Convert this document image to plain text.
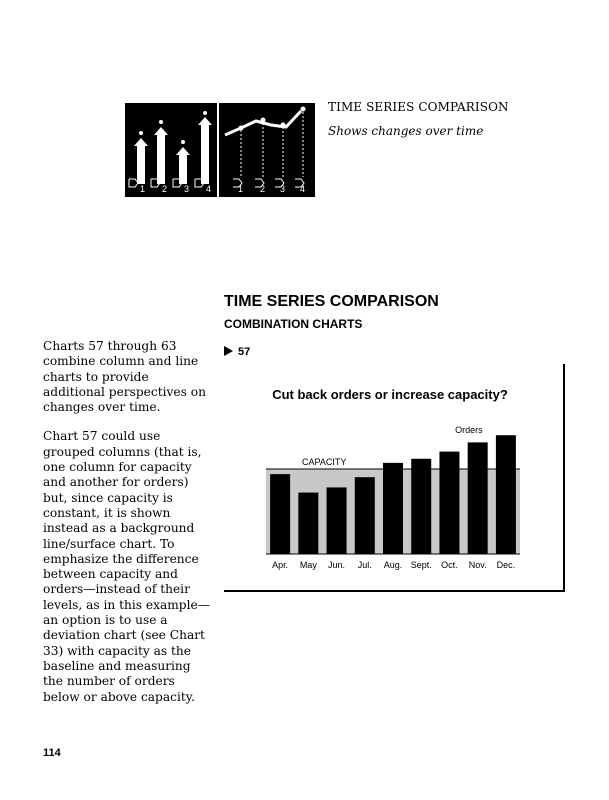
1 2 3 4	1 2 3 4
TIME SERIES COMPARISON
Shows changes over time
TIME SERIES COMPARISON
COMBINATION CHARTS

Charts 57 through 63 combine column and line charts to provide additional perspectives on changes over time.

Chart 57 could use grouped columns (that is, one column for capacity and another for orders) but, since capacity is constant, it is shown instead as a background line/surface chart. To emphasize the difference between capacity and orders—instead of their levels, as in this example—an option is to use a deviation chart (see Chart 33) with capacity as the baseline and measuring the number of orders below or above capacity.

57
Cut back orders or increase capacity?
CAPACITY
Orders
Apr. May Jun. Jul. Aug. Sept. Oct. Nov. Dec.
114
